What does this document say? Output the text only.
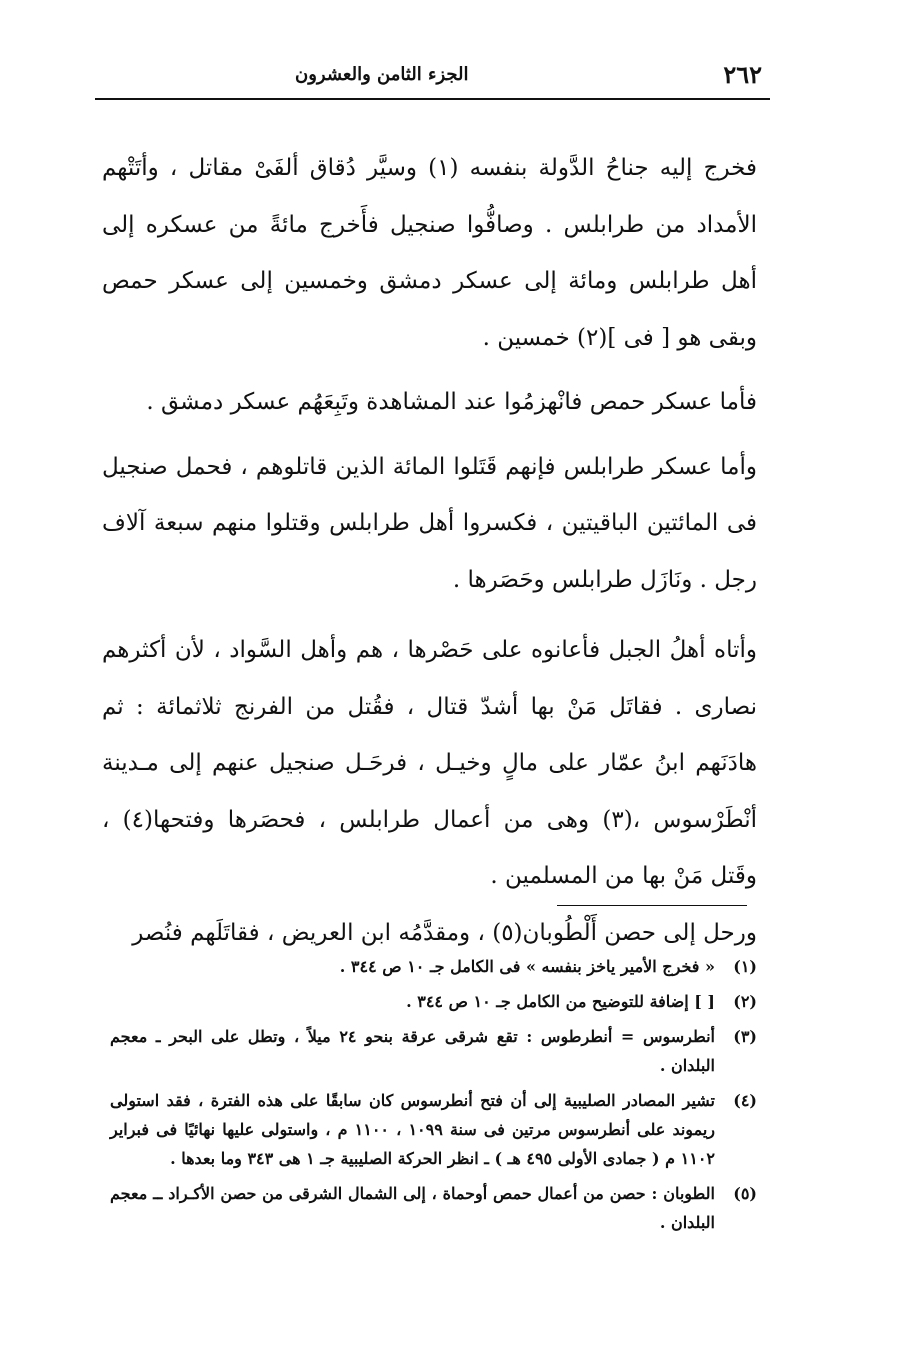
٢٦٢
الجزء الثامن والعشرون

فخرج إليه جناحُ الدَّولة بنفسه (١) وسيَّر دُقاق ألفَىْ مقاتل ، وأتَتْهم الأمداد من طرابلس . وصافُّوا صنجيل فأَخرج مائةً من عسكره إلى أهل طرابلس ومائة إلى عسكر دمشق وخمسين إلى عسكر حمص وبقى هو [ فى ](٢) خمسين .

فأما عسكر حمص فانْهزمُوا عند المشاهدة وتَبِعَهُم عسكر دمشق .

وأما عسكر طرابلس فإنهم قَتَلوا المائة الذين قاتلوهم ، فحمل صنجيل فى المائتين الباقيتين ، فكسروا أهل طرابلس وقتلوا منهم سبعة آلاف رجل . ونَازَل طرابلس وحَصَرها .

وأتاه أهلُ الجبل فأعانوه على حَصْرها ، هم وأهل السَّواد ، لأن أكثرهم نصارى . فقاتَل مَنْ بها أشدّ قتال ، فقُتل من الفرنج ثلاثمائة : ثم هادَنَهم ابنُ عمّار على مالٍ وخيـل ، فرحَـل صنجيل عنهم إلى مـدينة أنْطَرْسوس ،(٣) وهى من أعمال طرابلس ، فحصَرها وفتحها(٤) ، وقَتل مَنْ بها من المسلمين .

ورحل إلى حصن أَلْطُوبان(٥) ، ومقدَّمُه ابن العريض ، فقاتَلَهم فنُصر

(١)
« فخرج الأمير ياخز بنفسه » فى الكامل جـ ١٠ ص ٣٤٤ .
(٢)
[ ] إضافة للتوضيح من الكامل جـ ١٠ ص ٣٤٤ .
(٣)
أنطرسوس = أنطرطوس : تقع شرقى عرقة بنحو ٢٤ ميلاً ، وتطل على البحر ـ معجم البلدان .
(٤)
تشير المصادر الصليبية إلى أن فتح أنطرسوس كان سابقًا على هذه الفترة ، فقد استولى ريموند على أنطرسوس مرتين فى سنة ١٠٩٩ ، ١١٠٠ م ، واستولى عليها نهائيًا فى فبراير ١١٠٢ م ( جمادى الأولى ٤٩٥ هـ ) ـ انظر الحركة الصليبية جـ ١ هى ٣٤٣ وما بعدها .
(٥)
الطوبان : حصن من أعمال حمص أوحماة ، إلى الشمال الشرقى من حصن الأكـراد ــ معجم البلدان .
